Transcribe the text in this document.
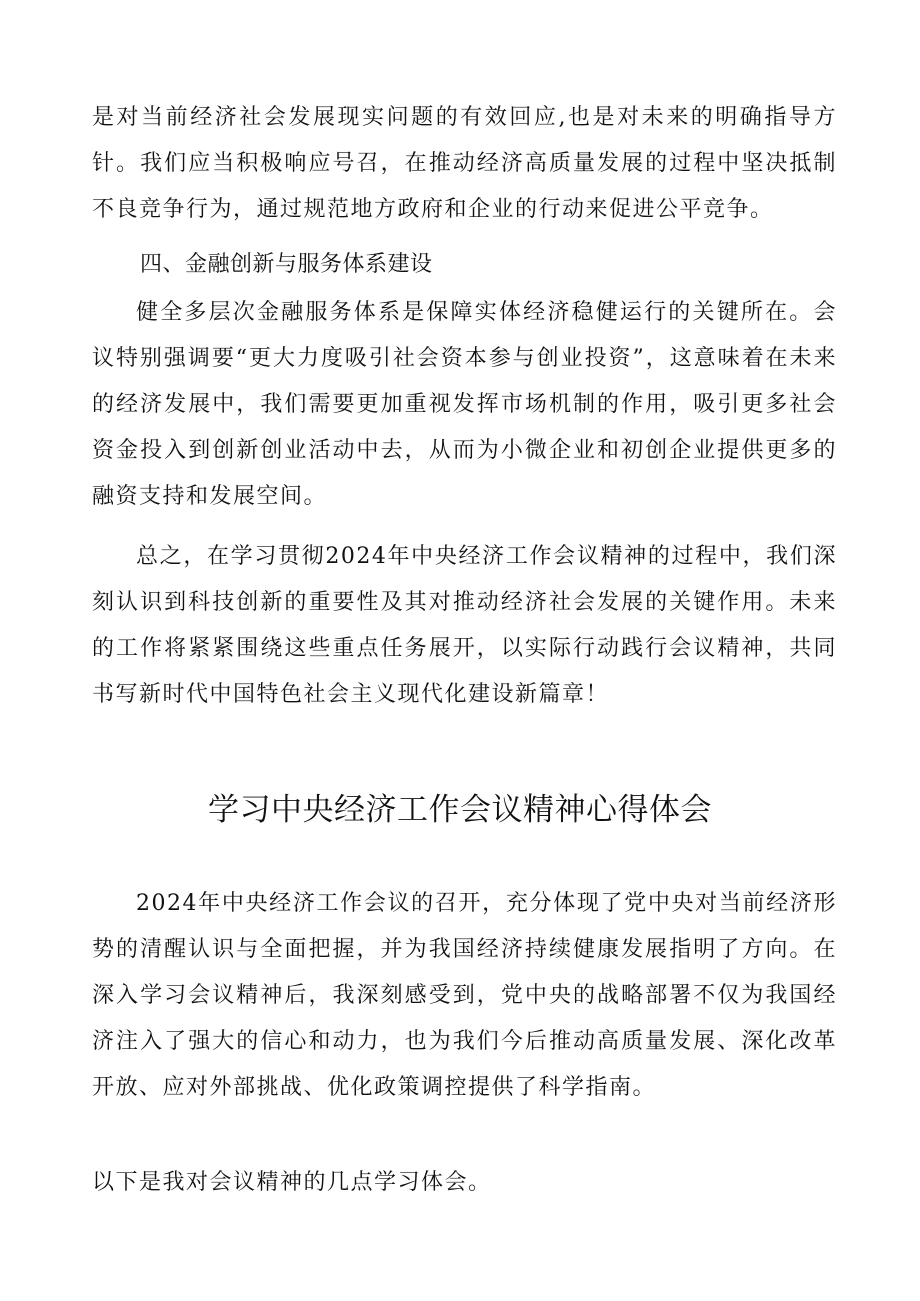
是对当前经济社会发展现实问题的有效回应,也是对未来的明确指导方针。我们应当积极响应号召，在推动经济高质量发展的过程中坚决抵制不良竞争行为，通过规范地方政府和企业的行动来促进公平竞争。

四、金融创新与服务体系建设

健全多层次金融服务体系是保障实体经济稳健运行的关键所在。会议特别强调要“更大力度吸引社会资本参与创业投资”，这意味着在未来的经济发展中，我们需要更加重视发挥市场机制的作用，吸引更多社会资金投入到创新创业活动中去，从而为小微企业和初创企业提供更多的融资支持和发展空间。

总之，在学习贯彻2024年中央经济工作会议精神的过程中，我们深刻认识到科技创新的重要性及其对推动经济社会发展的关键作用。未来的工作将紧紧围绕这些重点任务展开，以实际行动践行会议精神，共同书写新时代中国特色社会主义现代化建设新篇章！

学习中央经济工作会议精神心得体会

2024年中央经济工作会议的召开，充分体现了党中央对当前经济形势的清醒认识与全面把握，并为我国经济持续健康发展指明了方向。在深入学习会议精神后，我深刻感受到，党中央的战略部署不仅为我国经济注入了强大的信心和动力，也为我们今后推动高质量发展、深化改革开放、应对外部挑战、优化政策调控提供了科学指南。

以下是我对会议精神的几点学习体会。
